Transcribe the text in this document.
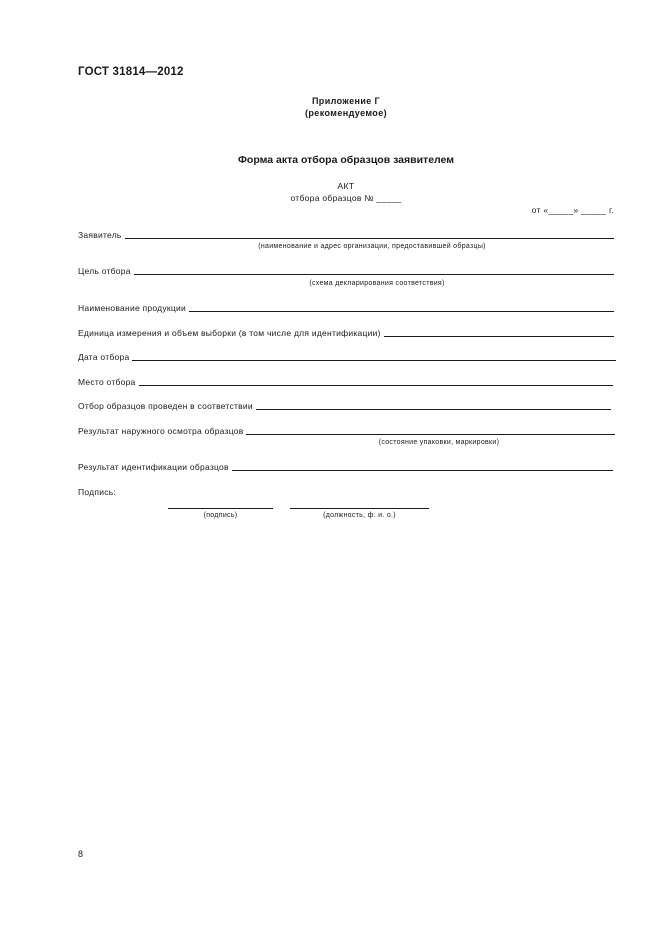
ГОСТ 31814—2012
Приложение Г
(рекомендуемое)
Форма акта отбора образцов заявителем
АКТ
отбора образцов № _____
от «_____» _____ г.
Заявитель
(наименование и адрес организации, предоставившей образцы)
Цель отбора
(схема декларирования соответствия)
Наименование продукции
Единица измерения и объем выборки (в том числе для идентификации)
Дата отбора
Место отбора
Отбор образцов проведен в соответствии
Результат наружного осмотра образцов
(состояние упаковки, маркировки)
Результат идентификации образцов
Подпись:
(подпись)	(должность, ф. и. о.)
8
